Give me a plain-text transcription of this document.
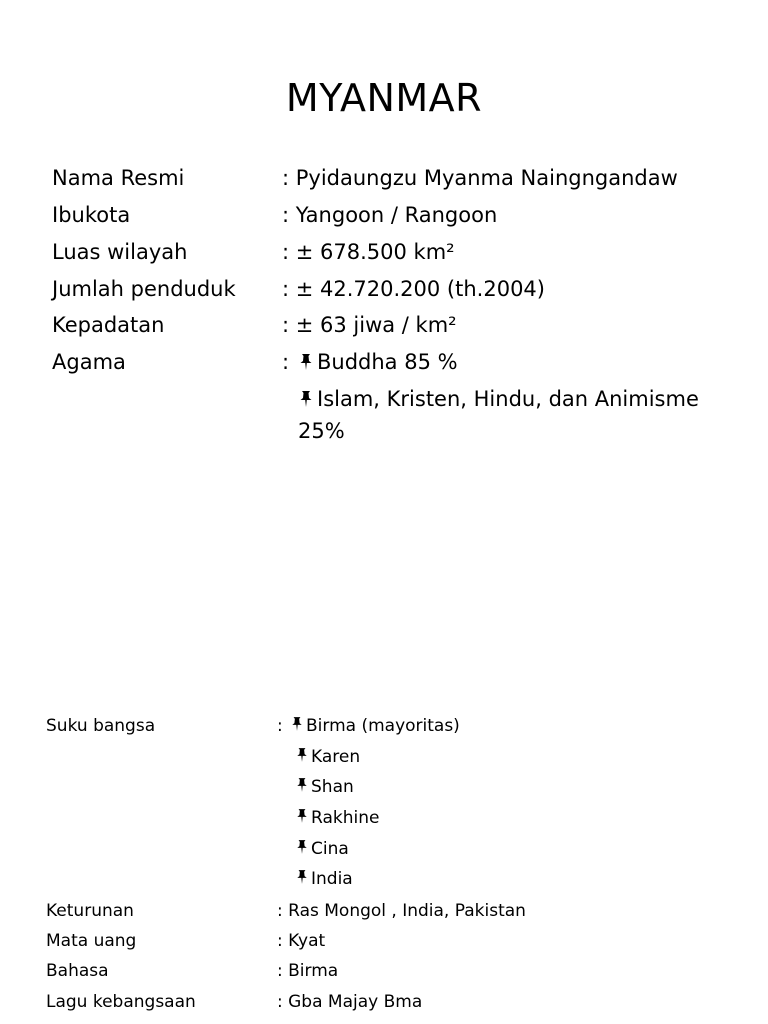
MYANMAR
Nama Resmi	: Pyidaungzu Myanma Naingngandaw
Ibukota	: Yangoon / Rangoon
Luas wilayah	: ± 678.500 km²
Jumlah penduduk : ± 42.720.200 (th.2004)
Kepadatan	: ± 63 jiwa / km²
Agama	:	Buddha 85 %
Islam, Kristen, Hindu, dan Animisme
25%
Suku bangsa	:	Birma (mayoritas)
Karen
Shan
Rakhine
Cina
India
Keturunan	: Ras Mongol , India, Pakistan
Mata uang	: Kyat
Bahasa	: Birma
Lagu kebangsaan	: Gba Majay Bma
